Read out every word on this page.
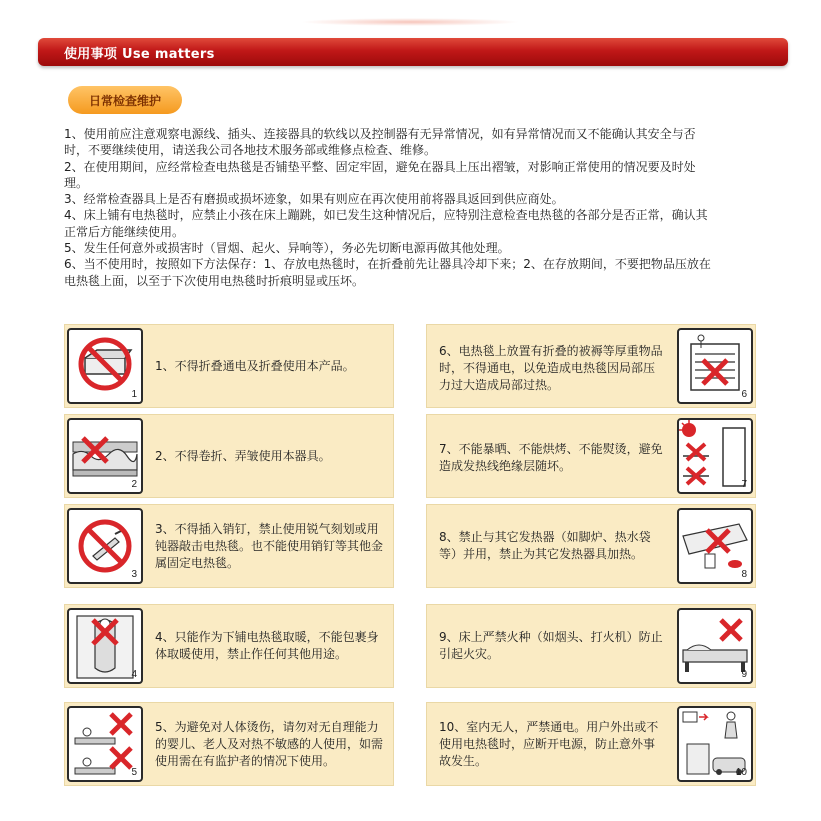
使用事项 Use matters
日常检查维护

1、使用前应注意观察电源线、插头、连接器具的软线以及控制器有无异常情况，如有异常情况而又不能确认其安全与否时，不要继续使用，请送我公司各地技术服务部或维修点检查、维修。

2、在使用期间，应经常检查电热毯是否铺垫平整、固定牢固，避免在器具上压出褶皱，对影响正常使用的情况要及时处理。

3、经常检查器具上是否有磨损或损坏迹象，如果有则应在再次使用前将器具返回到供应商处。

4、床上铺有电热毯时，应禁止小孩在床上蹦跳，如已发生这种情况后，应特别注意检查电热毯的各部分是否正常，确认其正常后方能继续使用。

5、发生任何意外或损害时（冒烟、起火、异响等），务必先切断电源再做其他处理。

6、当不使用时，按照如下方法保存：1、存放电热毯时，在折叠前先让器具冷却下来；2、在存放期间，不要把物品压放在电热毯上面，以至于下次使用电热毯时折痕明显或压坏。

1
1、不得折叠通电及折叠使用本产品。
6、电热毯上放置有折叠的被褥等厚重物品时，不得通电，以免造成电热毯因局部压力过大造成局部过热。
6
2
2、不得卷折、弄皱使用本器具。	7、不能暴晒、不能烘烤、不能熨烫，避免造成发热线绝缘层随坏。
7
3
3、不得插入销钉，禁止使用锐气刻划或用钝器敲击电热毯。也不能使用销钉等其他金属固定电热毯。
8、禁止与其它发热器（如脚炉、热水袋等）并用，禁止为其它发热器具加热。
8
4
4、只能作为下铺电热毯取暖，不能包裹身体取暖使用，禁止作任何其他用途。
9、床上严禁火种（如烟头、打火机）防止引起火灾。
9
5
5、为避免对人体烫伤，请勿对无自理能力的婴儿、老人及对热不敏感的人使用，如需使用需在有监护者的情况下使用。
10、室内无人，严禁通电。用户外出或不使用电热毯时，应断开电源，防止意外事故发生。
10
